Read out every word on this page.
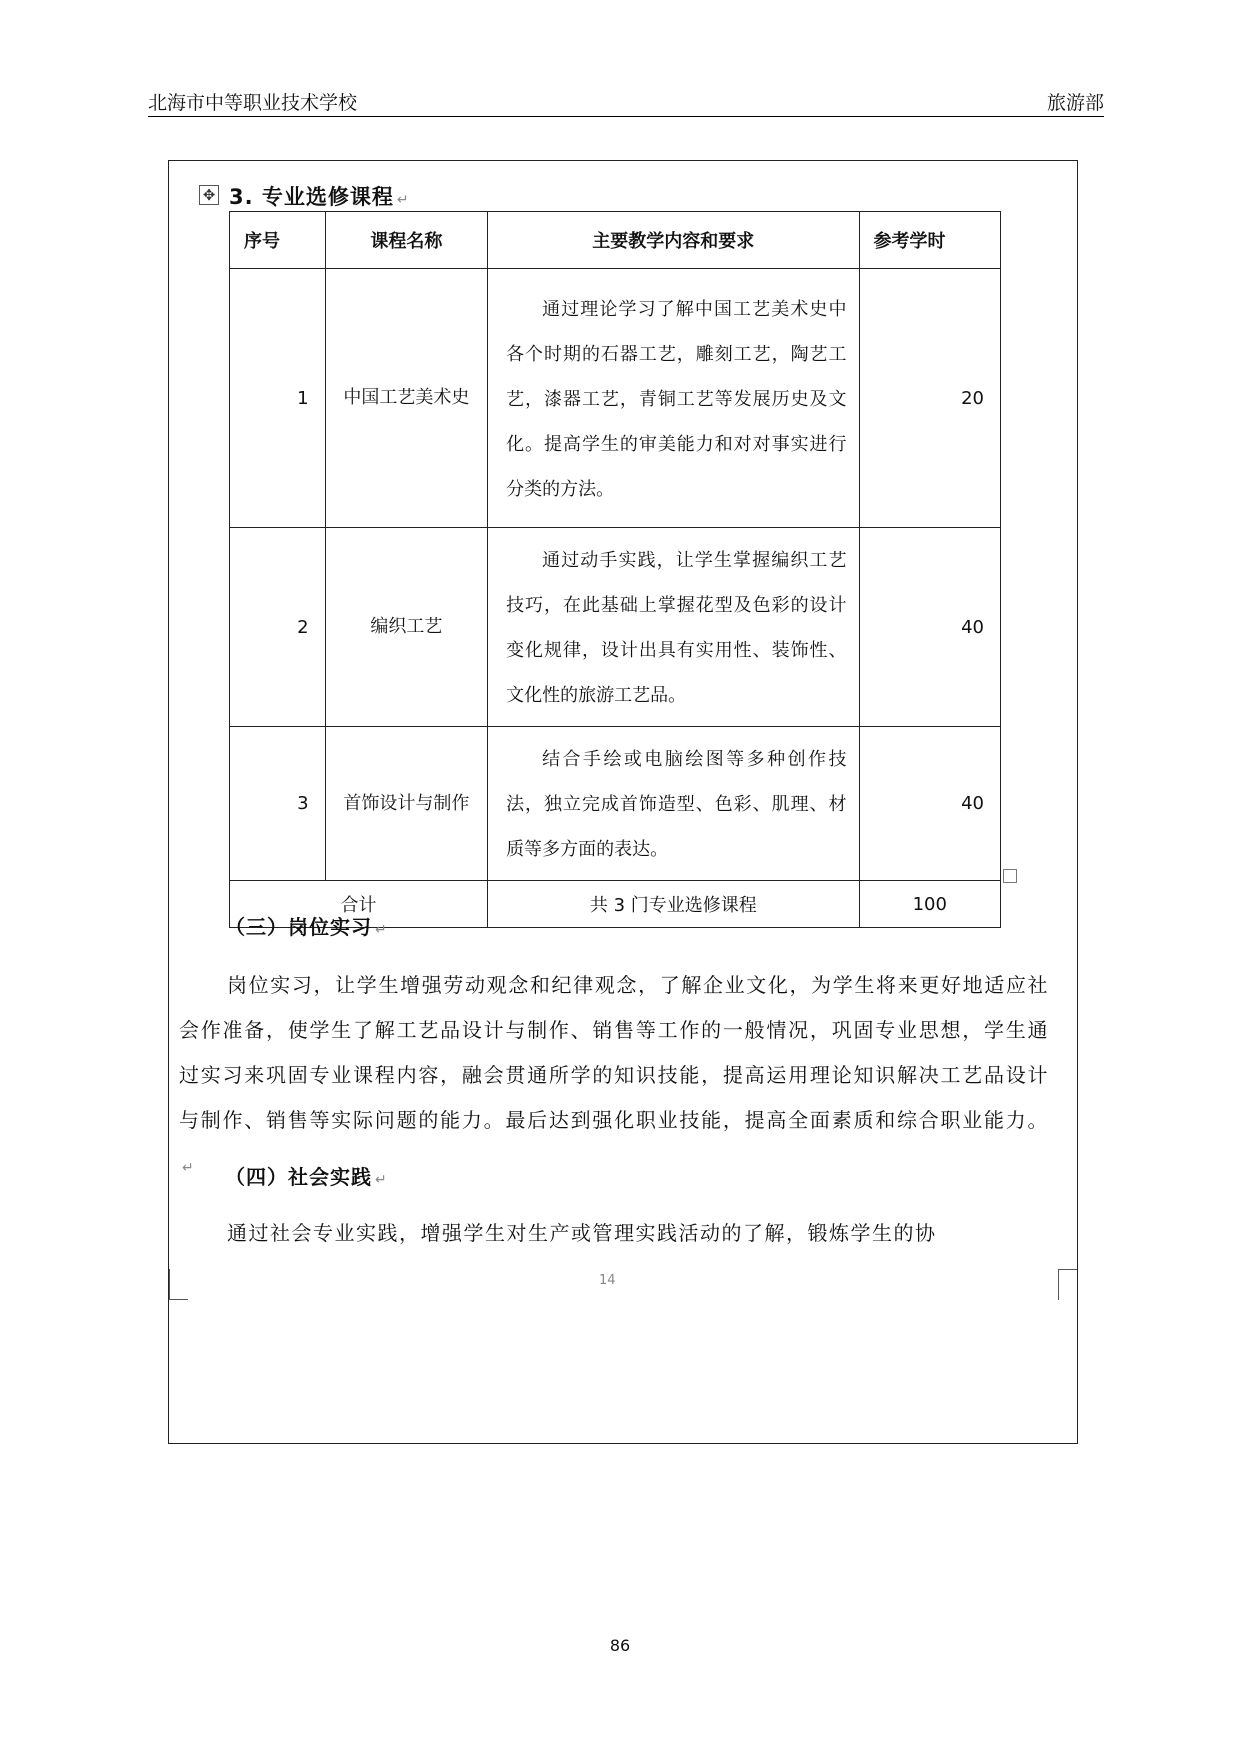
北海市中等职业技术学校	旅游部
✥ 3. 专业选修课程 ↵
序号	课程名称	主要教学内容和要求	参考学时
1	中国工艺美术史	通过理论学习了解中国工艺美术史中各个时期的石器工艺，雕刻工艺，陶艺工艺，漆器工艺，青铜工艺等发展历史及文化。提高学生的审美能力和对对事实进行分类的方法。	20
2	编织工艺	通过动手实践，让学生掌握编织工艺技巧，在此基础上掌握花型及色彩的设计变化规律，设计出具有实用性、装饰性、文化性的旅游工艺品。	40
3	首饰设计与制作	结合手绘或电脑绘图等多种创作技法，独立完成首饰造型、色彩、肌理、材质等多方面的表达。	40
合计		共 3 门专业选修课程	100
（三）岗位实习 ↵
岗位实习，让学生增强劳动观念和纪律观念，了解企业文化，为学生将来更好地适应社会作准备，使学生了解工艺品设计与制作、销售等工作的一般情况，巩固专业思想，学生通过实习来巩固专业课程内容，融会贯通所学的知识技能，提高运用理论知识解决工艺品设计与制作、销售等实际问题的能力。最后达到强化职业技能，提高全面素质和综合职业能力。↵	（四）社会实践 ↵
通过社会专业实践，增强学生对生产或管理实践活动的了解，锻炼学生的协
14
86
